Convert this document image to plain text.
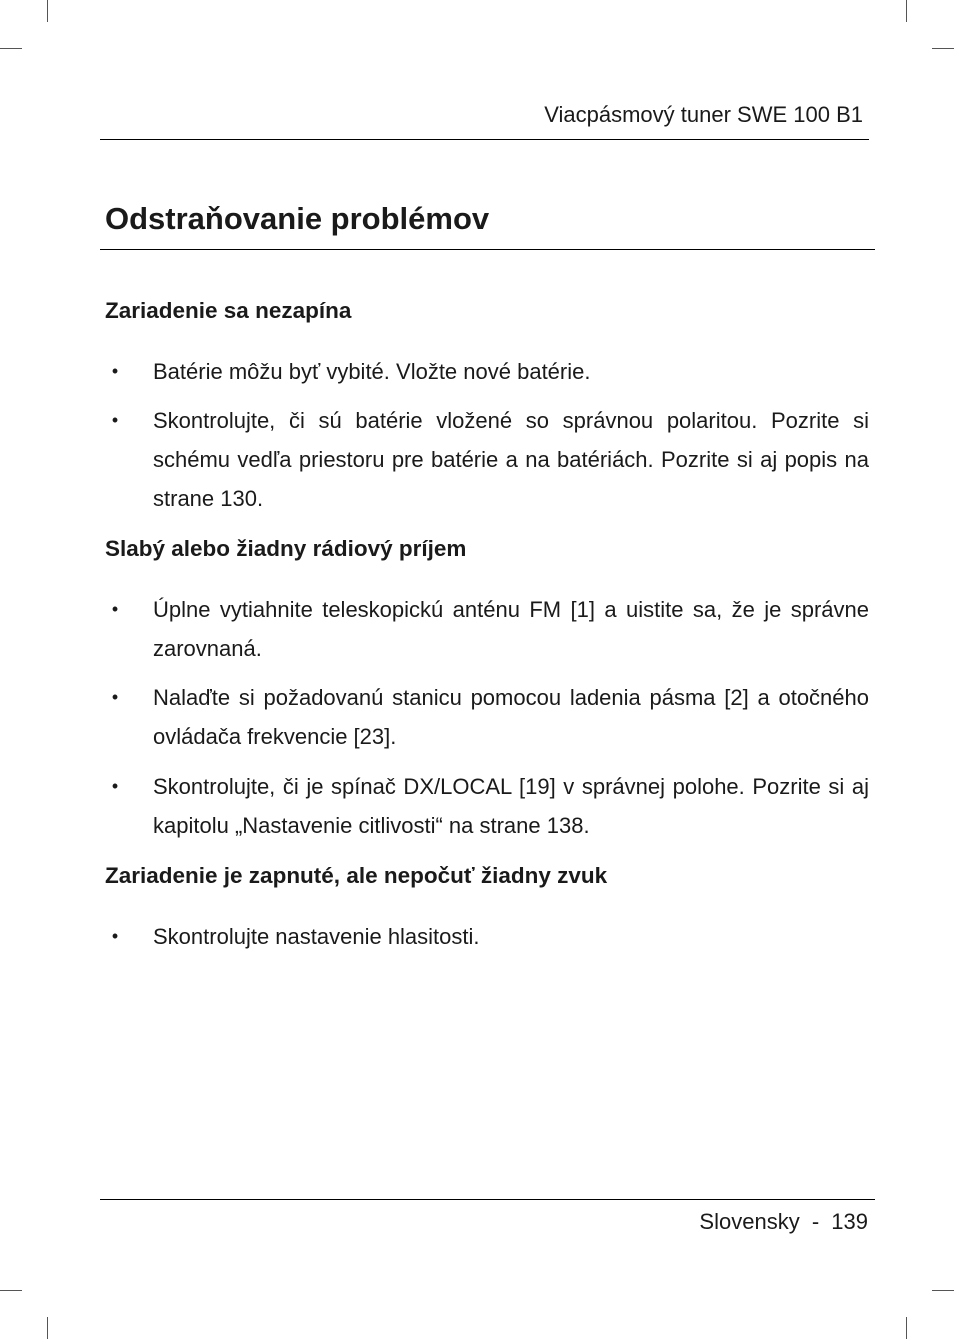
Viacpásmový tuner SWE 100 B1
Odstraňovanie problémov
Zariadenie sa nezapína
•	Batérie môžu byť vybité. Vložte nové batérie.
•	Skontrolujte, či sú batérie vložené so správnou polaritou. Pozrite si schému vedľa priestoru pre batérie a na batériách. Pozrite si aj popis na strane 130.
Slabý alebo žiadny rádiový príjem
•	Úplne vytiahnite teleskopickú anténu FM [1] a uistite sa, že je správne zarovnaná.
•	Nalaďte si požadovanú stanicu pomocou ladenia pásma [2] a otočného ovládača frekvencie [23].
•	Skontrolujte, či je spínač DX/LOCAL [19] v správnej polohe. Pozrite si aj kapitolu „Nastavenie citlivosti“ na strane 138.
Zariadenie je zapnuté, ale nepočuť žiadny zvuk
•	Skontrolujte nastavenie hlasitosti.
Slovensky - 139
